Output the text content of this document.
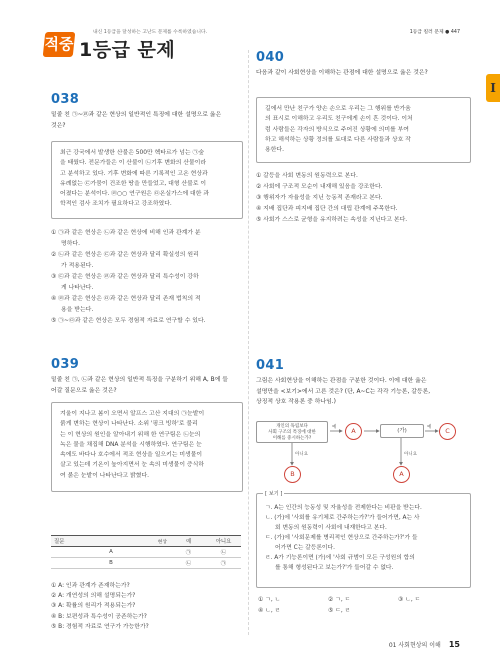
적중
내신 1등급을 달성하는 고난도 문제를 수록하였습니다.
1등급 문제
1등급 킬러 문제 ● 447
I
038
밑줄 친 ㉠~㉣과 같은 현상의 일반적인 특징에 대한 설명으로 옳은
것은?
최근 강국에서 발생한 산불은 500만 헥타르가 넘는 ㉠숲
을 태웠다. 전문가들은 이 산불이 ㉡기후 변화의 산물이라
고 분석하고 있다. 기후 변화에 따른 기록적인 고온 현상과
유례없는 ㉢가뭄이 건조한 땅을 만들었고, 대형 산불로 이
어졌다는 분석이다. ㉣○○ 연구원은 ㉤온실가스에 대한 과
학적인 검사 조치가 필요하다고 강조하였다.
① ㉠과 같은 현상은 ㉡과 같은 현상에 비해 인과 관계가 분
명하다.
② ㉡과 같은 현상은 ㉢과 같은 현상과 달리 확실성의 원리
가 적용된다.
③ ㉢과 같은 현상은 ㉣과 같은 현상과 달리 특수성이 강하
게 나타난다.
④ ㉣과 같은 현상은 ㉤과 같은 현상과 달리 존재 법칙의 적
용을 받는다.
⑤ ㉠~㉤과 같은 현상은 모두 경험적 자료로 연구할 수 있다.
039
밑줄 친 ㉠, ㉡과 같은 현상의 일반적 특징을 구분하기 위해 A, B에 들
어갈 질문으로 옳은 것은?
겨울이 지나고 봄이 오면서 알프스 고산 지대의 ㉠눈밭이
붉게 변하는 현상이 나타난다. 소위 '핑크 빙하'로 불리
는 이 현상의 원인을 알아내기 위해 한 연구팀은 ㉡눈의
녹은 물을 채집해 DNA 분석을 시행하였다. 연구팀은 눈
속에도 바다나 호수에서 적조 현상을 일으키는 미생물이
살고 있는데 기온이 높아지면서 눈 속의 미생물이 증식하
여 붉은 눈밭이 나타난다고 밝혔다.
질문	현상	예	아니요
A		㉠	㉡
B		㉡	㉠
① A: 인과 관계가 존재하는가?
② A: 개연성의 의해 설명되는가?
③ A: 확률의 원리가 적용되는가?
④ B: 보편성과 특수성이 공존하는가?
⑤ B: 경험적 자료로 연구가 가능한가?
040
다음과 같이 사회현상을 이해하는 관점에 대한 설명으로 옳은 것은?
길에서 만난 친구가 양손 손으로 우리는 그 행위를 반가움
의 표시로 이해하고 우리도 친구에게 손이 흔 것이다. 이처
럼 사람들은 각자의 방식으로 주어진 상황에 의미를 부여
하고 해석하는 상황 정의를 토대로 다른 사람들과 상호 작
용한다.
① 갈등을 사회 변동의 원동력으로 본다.
② 사회에 구조적 모순이 내재해 있음을 강조한다.
③ 행위자가 자율성을 지닌 능동적 존재라고 본다.
④ 지배 집단과 피지배 집단 간의 대립 관계에 주목한다.
⑤ 사회가 스스로 균형을 유지하려는 속성을 지닌다고 본다.
041
그림은 사회현상을 이해하는 관점을 구분한 것이다. 이에 대한 옳은
설명만을 <보기>에서 고른 것은? (단, A~C는 각각 기능론, 갈등론,
상징적 상호 작용론 중 하나임.)
개인의 독립보다
사회 구조의 특징에 대한
이해를 중시하는가?
예	A	(가)
예	C
아니요
B
아니요
A
[ 보기 ]
ㄱ. A는 인간의 능동성 및 자율성을 전제한다는 비판을 받는다.
ㄴ. (가)에 '사회를 유기체로 간주하는가?'가 들어가면, A는 사
회 변동의 원동력이 사회에 내재한다고 본다.
ㄷ. (가)에 '사회문제를 병리적인 현상으로 간주하는가?'가 들
어가면 C는 갈등론이다.
ㄹ. A가 기능론이면 (가)에 '사회 규범이 모든 구성원의 합의
를 통해 형성된다고 보는가?'가 들어갈 수 없다.
① ㄱ, ㄴ	② ㄱ, ㄷ	③ ㄴ, ㄷ
④ ㄴ, ㄹ	⑤ ㄷ, ㄹ
01 사회현상의 이해 15
